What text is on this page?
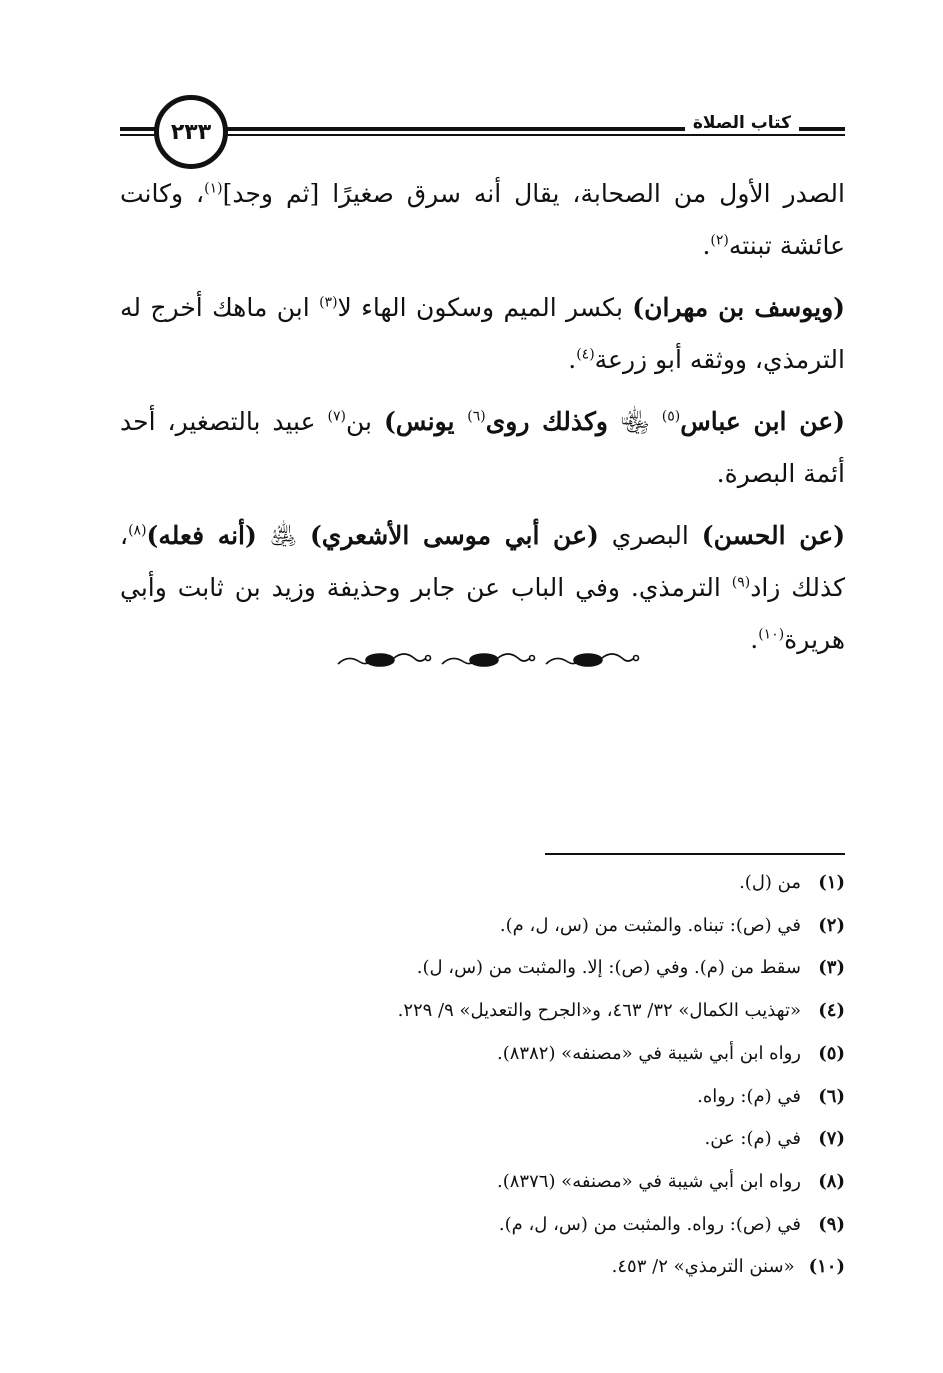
كتاب الصلاة
٢٣٣

الصدر الأول من الصحابة، يقال أنه سرق صغيرًا [ثم وجد]$^{(١)}$، وكانت عائشة تبنته$^{(٢)}$.

(ويوسف بن مهران) بكسر الميم وسكون الهاء لا$^{(٣)}$ ابن ماهك أخرج له الترمذي، ووثقه أبو زرعة$^{(٤)}$.

(عن ابن عباس$^{(٥)}$ ﵄ وكذلك روى$^{(٦)}$ يونس) بن$^{(٧)}$ عبيد بالتصغير، أحد أئمة البصرة.

(عن الحسن) البصري (عن أبي موسى الأشعري) ﵁ (أنه فعله)$^{(٨)}$، كذلك زاد$^{(٩)}$ الترمذي. وفي الباب عن جابر وحذيفة وزيد بن ثابت وأبي هريرة$^{(١٠)}$.

(١)من (ل).
(٢)في (ص): تبناه. والمثبت من (س، ل، م).
(٣)سقط من (م). وفي (ص): إلا. والمثبت من (س، ل).
(٤)«تهذيب الكمال» ٣٢/ ٤٦٣، و«الجرح والتعديل» ٩/ ٢٢٩.
(٥)رواه ابن أبي شيبة في «مصنفه» (٨٣٨٢).
(٦)في (م): رواه.
(٧)في (م): عن.
(٨)رواه ابن أبي شيبة في «مصنفه» (٨٣٧٦).
(٩)في (ص): رواه. والمثبت من (س، ل، م).
(١٠)«سنن الترمذي» ٢/ ٤٥٣.
